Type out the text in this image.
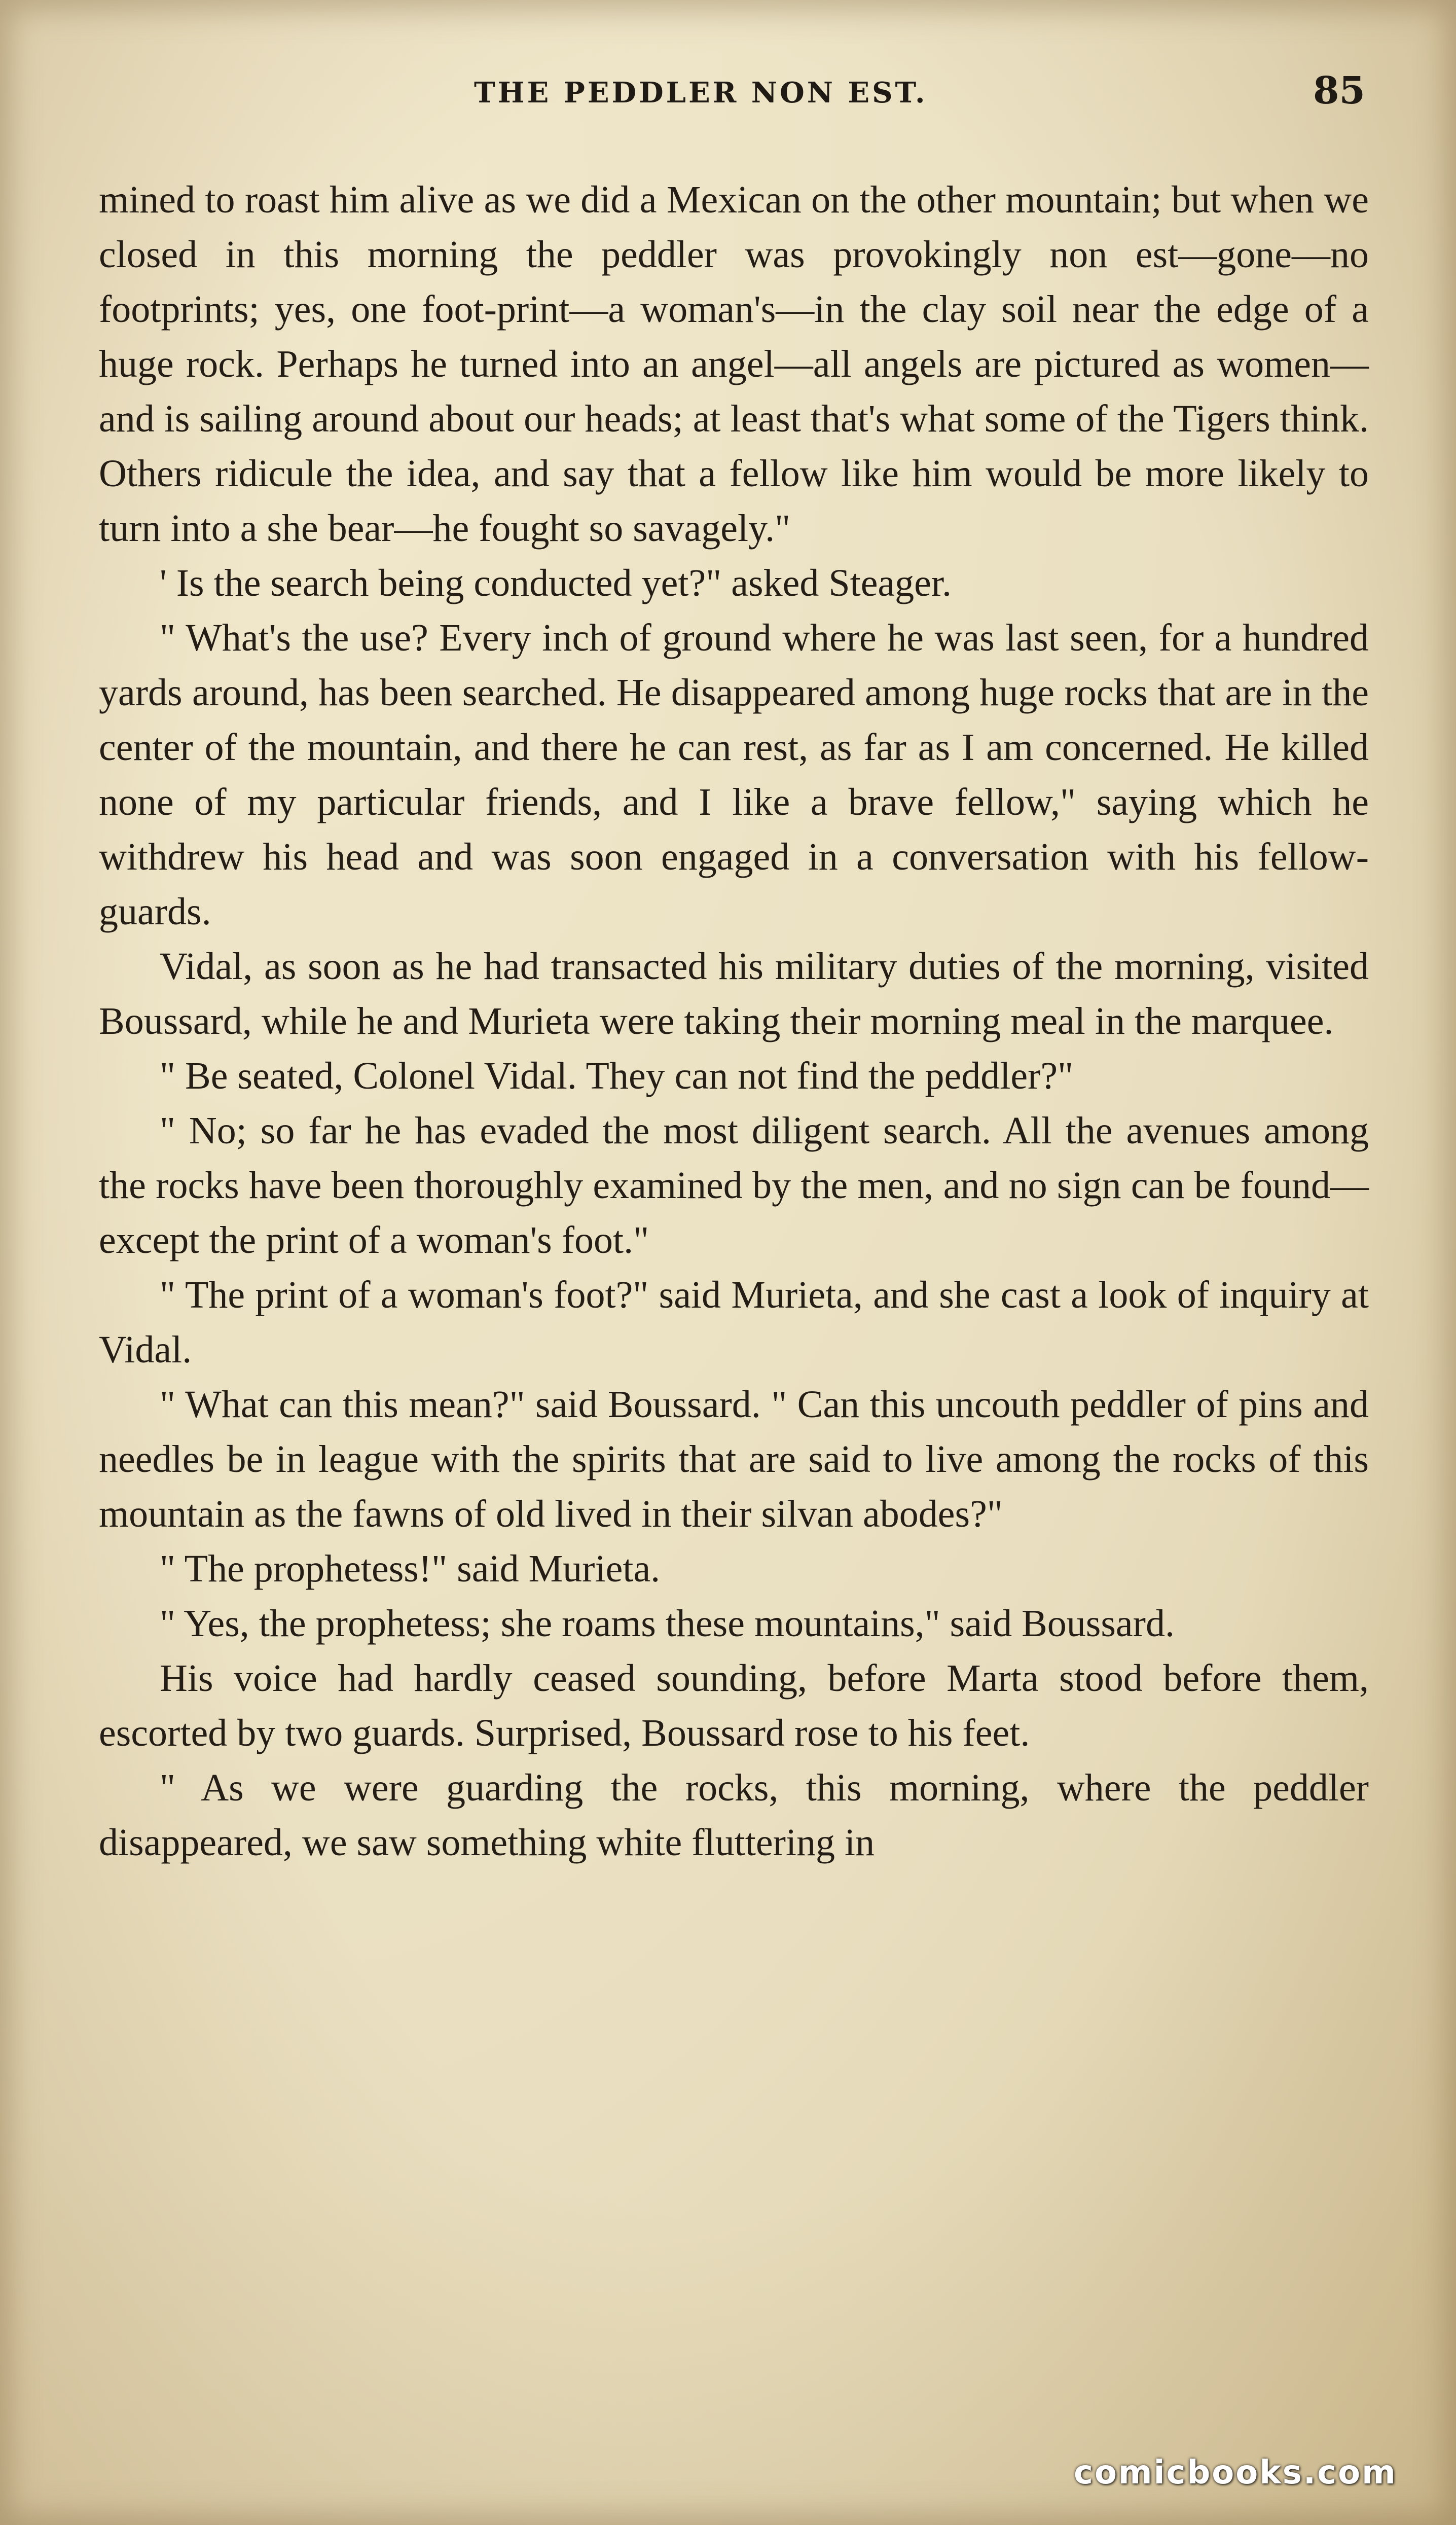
THE PEDDLER NON EST.	85

mined to roast him alive as we did a Mexican on the other mountain; but when we closed in this morning the peddler was provokingly non est—gone—no footprints; yes, one foot-print—a woman's—in the clay soil near the edge of a huge rock. Perhaps he turned into an angel—all angels are pictured as women—and is sailing around about our heads; at least that's what some of the Tigers think. Others ridicule the idea, and say that a fellow like him would be more likely to turn into a she bear—he fought so savagely."

' Is the search being conducted yet?" asked Steager.

" What's the use? Every inch of ground where he was last seen, for a hundred yards around, has been searched. He disappeared among huge rocks that are in the center of the mountain, and there he can rest, as far as I am concerned. He killed none of my particular friends, and I like a brave fellow," saying which he withdrew his head and was soon engaged in a conversation with his fellow-guards.

Vidal, as soon as he had transacted his military duties of the morning, visited Boussard, while he and Murieta were taking their morning meal in the marquee.

" Be seated, Colonel Vidal. They can not find the peddler?"

" No; so far he has evaded the most diligent search. All the avenues among the rocks have been thoroughly examined by the men, and no sign can be found—except the print of a woman's foot."

" The print of a woman's foot?" said Murieta, and she cast a look of inquiry at Vidal.

" What can this mean?" said Boussard. " Can this uncouth peddler of pins and needles be in league with the spirits that are said to live among the rocks of this mountain as the fawns of old lived in their silvan abodes?"

" The prophetess!" said Murieta.

" Yes, the prophetess; she roams these mountains," said Boussard.

His voice had hardly ceased sounding, before Marta stood before them, escorted by two guards. Surprised, Boussard rose to his feet.

" As we were guarding the rocks, this morning, where the peddler disappeared, we saw something white fluttering in

comicbooks.com
